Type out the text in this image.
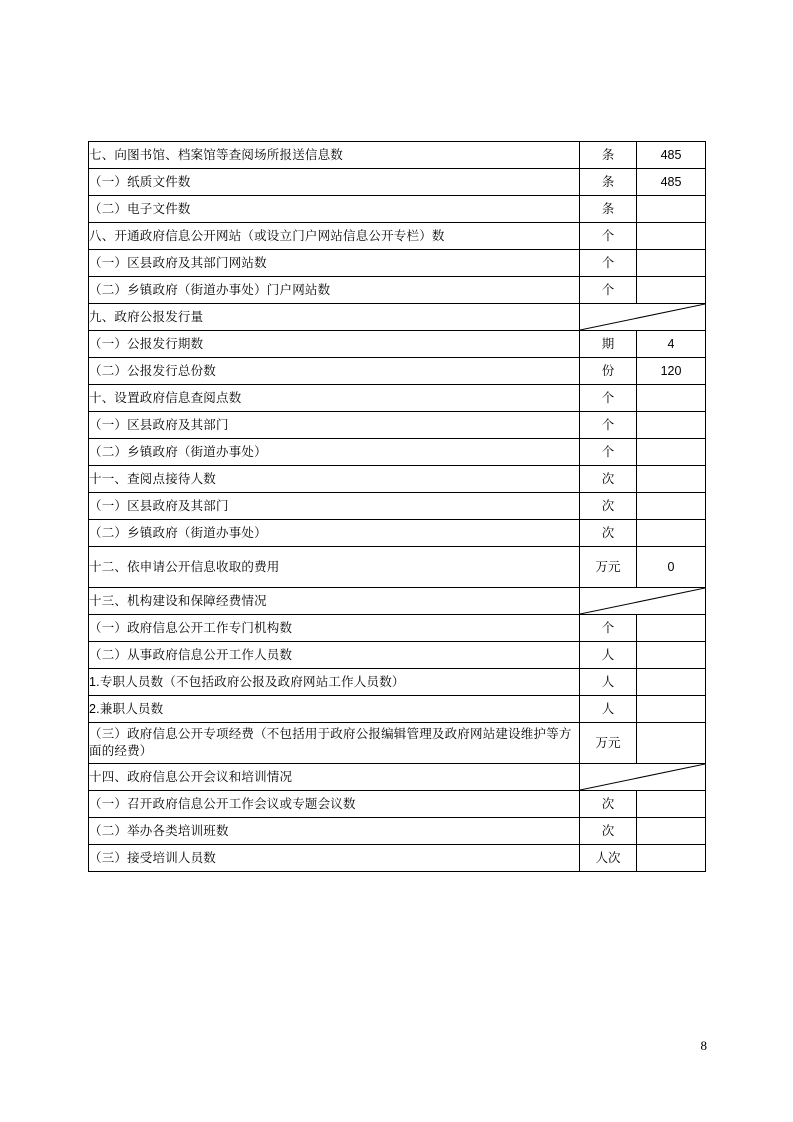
七、向图书馆、档案馆等查阅场所报送信息数	条	485
（一）纸质文件数	条	485
（二）电子文件数	条	
八、开通政府信息公开网站（或设立门户网站信息公开专栏）数	个	
（一）区县政府及其部门网站数	个	
（二）乡镇政府（街道办事处）门户网站数	个	
九、政府公报发行量	

（一）公报发行期数	期	4
（二）公报发行总份数	份	120
十、设置政府信息查阅点数	个	
（一）区县政府及其部门	个	
（二）乡镇政府（街道办事处）	个	
十一、查阅点接待人数	次	
（一）区县政府及其部门	次	
（二）乡镇政府（街道办事处）	次	
十二、依申请公开信息收取的费用	万元	0
十三、机构建设和保障经费情况	

（一）政府信息公开工作专门机构数	个	
（二）从事政府信息公开工作人员数	人	
1.专职人员数（不包括政府公报及政府网站工作人员数）	人	
2.兼职人员数	人	
（三）政府信息公开专项经费（不包括用于政府公报编辑管理及政府网站建设维护等方面的经费）	万元	
十四、政府信息公开会议和培训情况	

（一）召开政府信息公开工作会议或专题会议数	次	
（二）举办各类培训班数	次	
（三）接受培训人员数	人次	
8
